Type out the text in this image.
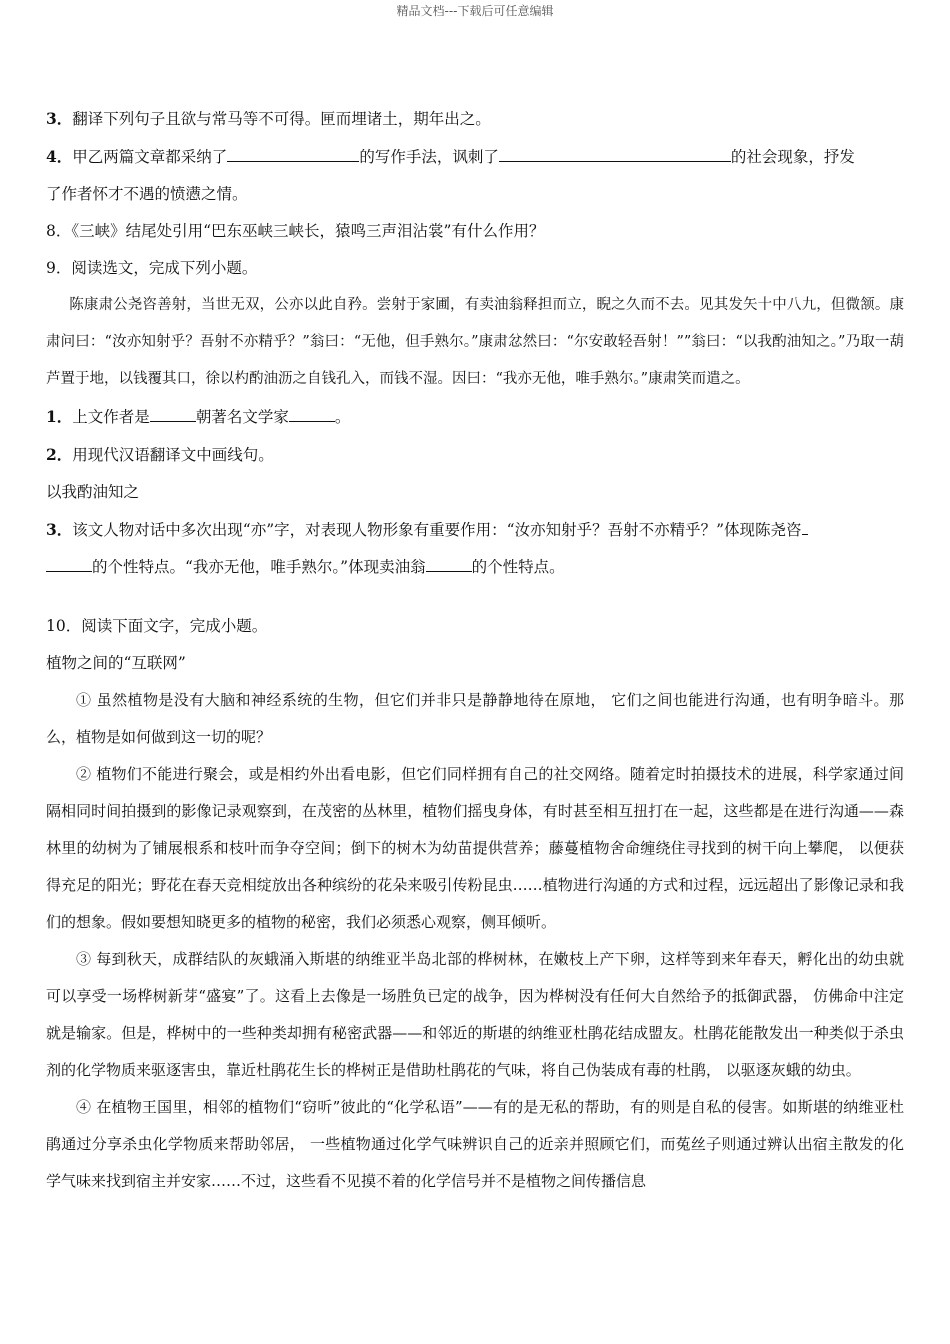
精品文档---下载后可任意编辑
3．翻译下列句子且欲与常马等不可得。匣而埋诸土，期年出之。
4．甲乙两篇文章都采纳了	的写作手法，讽刺了	的社会现象，抒发
了作者怀才不遇的愤懑之情。
8．《三峡》结尾处引用“巴东巫峡三峡长，猿鸣三声泪沾裳”有什么作用？
9．阅读选文，完成下列小题。
陈康肃公尧咨善射，当世无双，公亦以此自矜。尝射于家圃，有卖油翁释担而立，睨之久而不去。见其发矢十中八九，但微颔。康肃问曰：“汝亦知射乎？吾射不亦精乎？”翁曰：“无他，但手熟尔。”康肃忿然曰：“尔安敢轻吾射！””翁曰：“以我酌油知之。”乃取一葫芦置于地，以钱覆其口，徐以杓酌油沥之自钱孔入，而钱不湿。因曰：“我亦无他，唯手熟尔。”康肃笑而遣之。
1．上文作者是	朝著名文学家	。
2．用现代汉语翻译文中画线句。
以我酌油知之
3．该文人物对话中多次出现“亦”字，对表现人物形象有重要作用：“汝亦知射乎？吾射不亦精乎？”体现陈尧咨
的个性特点。“我亦无他，唯手熟尔。”体现卖油翁	的个性特点。
10．阅读下面文字，完成小题。
植物之间的“互联网”
① 虽然植物是没有大脑和神经系统的生物，但它们并非只是静静地待在原地， 它们之间也能进行沟通，也有明争暗斗。那么，植物是如何做到这一切的呢？
② 植物们不能进行聚会，或是相约外出看电影，但它们同样拥有自己的社交网络。随着定时拍摄技术的进展，科学家通过间隔相同时间拍摄到的影像记录观察到，在茂密的丛林里，植物们摇曳身体，有时甚至相互扭打在一起，这些都是在进行沟通——森林里的幼树为了铺展根系和枝叶而争夺空间；倒下的树木为幼苗提供营养；藤蔓植物舍命缠绕住寻找到的树干向上攀爬， 以便获得充足的阳光；野花在春天竞相绽放出各种缤纷的花朵来吸引传粉昆虫……植物进行沟通的方式和过程，远远超出了影像记录和我们的想象。假如要想知晓更多的植物的秘密，我们必须悉心观察，侧耳倾听。
③ 每到秋天，成群结队的灰蛾涌入斯堪的纳维亚半岛北部的桦树林，在嫩枝上产下卵，这样等到来年春天，孵化出的幼虫就可以享受一场桦树新芽“盛宴”了。这看上去像是一场胜负已定的战争，因为桦树没有任何大自然给予的抵御武器， 仿佛命中注定就是输家。但是，桦树中的一些种类却拥有秘密武器——和邻近的斯堪的纳维亚杜鹃花结成盟友。杜鹃花能散发出一种类似于杀虫剂的化学物质来驱逐害虫，靠近杜鹃花生长的桦树正是借助杜鹃花的气味，将自己伪装成有毒的杜鹃， 以驱逐灰蛾的幼虫。
④ 在植物王国里，相邻的植物们“窃听”彼此的“化学私语”——有的是无私的帮助，有的则是自私的侵害。如斯堪的纳维亚杜鹃通过分享杀虫化学物质来帮助邻居， 一些植物通过化学气味辨识自己的近亲并照顾它们，而菟丝子则通过辨认出宿主散发的化学气味来找到宿主并安家……不过，这些看不见摸不着的化学信号并不是植物之间传播信息
